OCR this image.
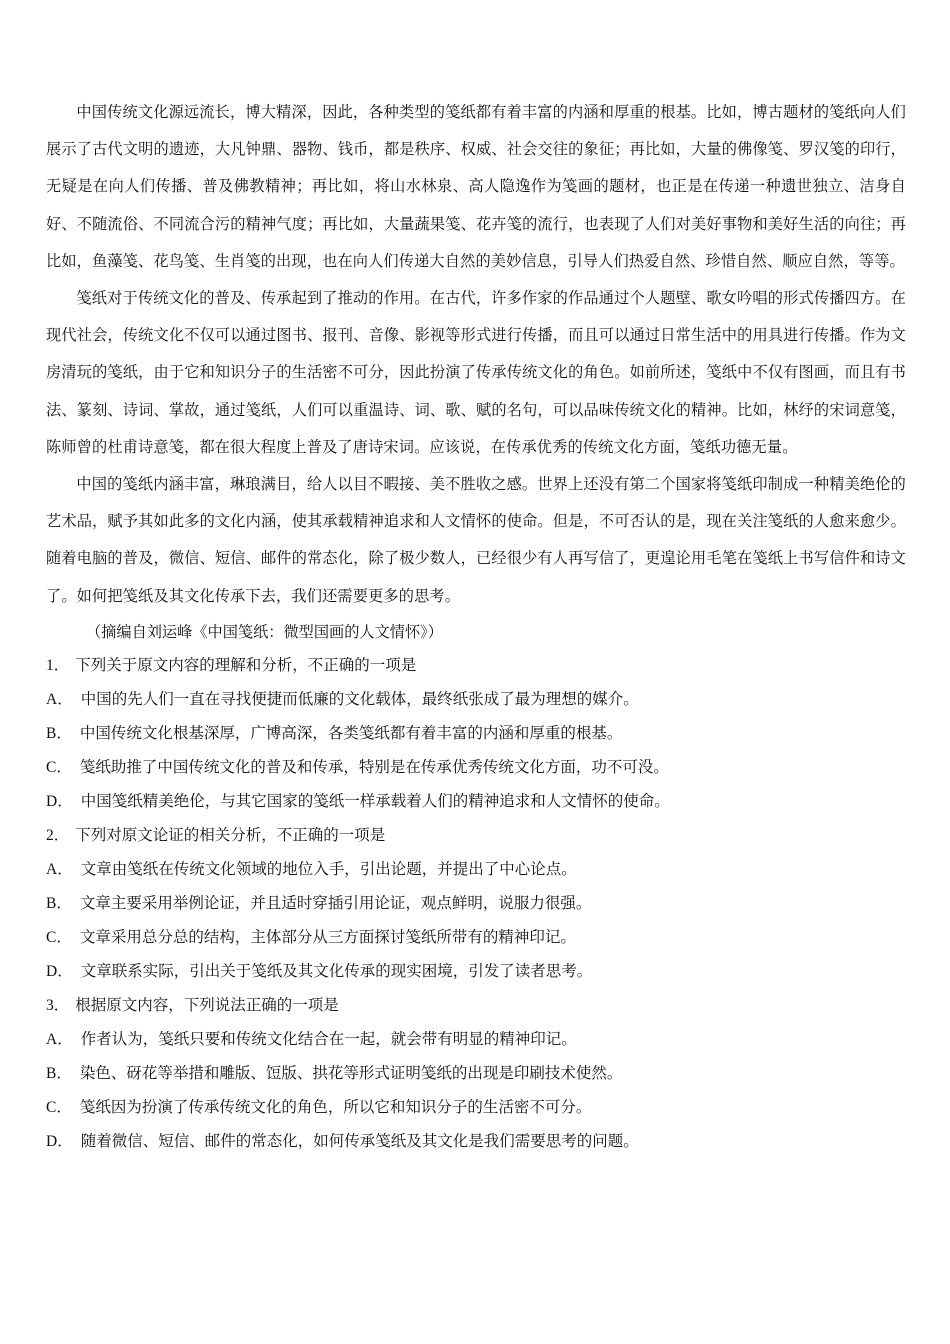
中国传统文化源远流长，博大精深，因此，各种类型的笺纸都有着丰富的内涵和厚重的根基。比如，博古题材的笺纸向人们展示了古代文明的遗迹，大凡钟鼎、器物、钱币，都是秩序、权威、社会交往的象征；再比如，大量的佛像笺、罗汉笺的印行，无疑是在向人们传播、普及佛教精神；再比如，将山水林泉、高人隐逸作为笺画的题材，也正是在传递一种遗世独立、洁身自好、不随流俗、不同流合污的精神气度；再比如，大量蔬果笺、花卉笺的流行，也表现了人们对美好事物和美好生活的向往；再比如，鱼藻笺、花鸟笺、生肖笺的出现，也在向人们传递大自然的美妙信息，引导人们热爱自然、珍惜自然、顺应自然，等等。

笺纸对于传统文化的普及、传承起到了推动的作用。在古代，许多作家的作品通过个人题壁、歌女吟唱的形式传播四方。在现代社会，传统文化不仅可以通过图书、报刊、音像、影视等形式进行传播，而且可以通过日常生活中的用具进行传播。作为文房清玩的笺纸，由于它和知识分子的生活密不可分，因此扮演了传承传统文化的角色。如前所述，笺纸中不仅有图画，而且有书法、篆刻、诗词、掌故，通过笺纸，人们可以重温诗、词、歌、赋的名句，可以品味传统文化的精神。比如，林纾的宋词意笺，陈师曾的杜甫诗意笺，都在很大程度上普及了唐诗宋词。应该说，在传承优秀的传统文化方面，笺纸功德无量。

中国的笺纸内涵丰富，琳琅满目，给人以目不暇接、美不胜收之感。世界上还没有第二个国家将笺纸印制成一种精美绝伦的艺术品，赋予其如此多的文化内涵，使其承载精神追求和人文情怀的使命。但是，不可否认的是，现在关注笺纸的人愈来愈少。随着电脑的普及，微信、短信、邮件的常态化，除了极少数人，已经很少有人再写信了，更遑论用毛笔在笺纸上书写信件和诗文了。如何把笺纸及其文化传承下去，我们还需要更多的思考。

（摘编自刘运峰《中国笺纸：微型国画的人文情怀》）

1． 下列关于原文内容的理解和分析，不正确的一项是

A． 中国的先人们一直在寻找便捷而低廉的文化载体，最终纸张成了最为理想的媒介。

B． 中国传统文化根基深厚，广博高深，各类笺纸都有着丰富的内涵和厚重的根基。

C． 笺纸助推了中国传统文化的普及和传承，特别是在传承优秀传统文化方面，功不可没。

D． 中国笺纸精美绝伦，与其它国家的笺纸一样承载着人们的精神追求和人文情怀的使命。

2． 下列对原文论证的相关分析，不正确的一项是

A． 文章由笺纸在传统文化领域的地位入手，引出论题，并提出了中心论点。

B． 文章主要采用举例论证，并且适时穿插引用论证，观点鲜明，说服力很强。

C． 文章采用总分总的结构，主体部分从三方面探讨笺纸所带有的精神印记。

D． 文章联系实际，引出关于笺纸及其文化传承的现实困境，引发了读者思考。

3． 根据原文内容，下列说法正确的一项是

A． 作者认为，笺纸只要和传统文化结合在一起，就会带有明显的精神印记。

B． 染色、砑花等举措和雕版、饾版、拱花等形式证明笺纸的出现是印刷技术使然。

C． 笺纸因为扮演了传承传统文化的角色，所以它和知识分子的生活密不可分。

D． 随着微信、短信、邮件的常态化，如何传承笺纸及其文化是我们需要思考的问题。
